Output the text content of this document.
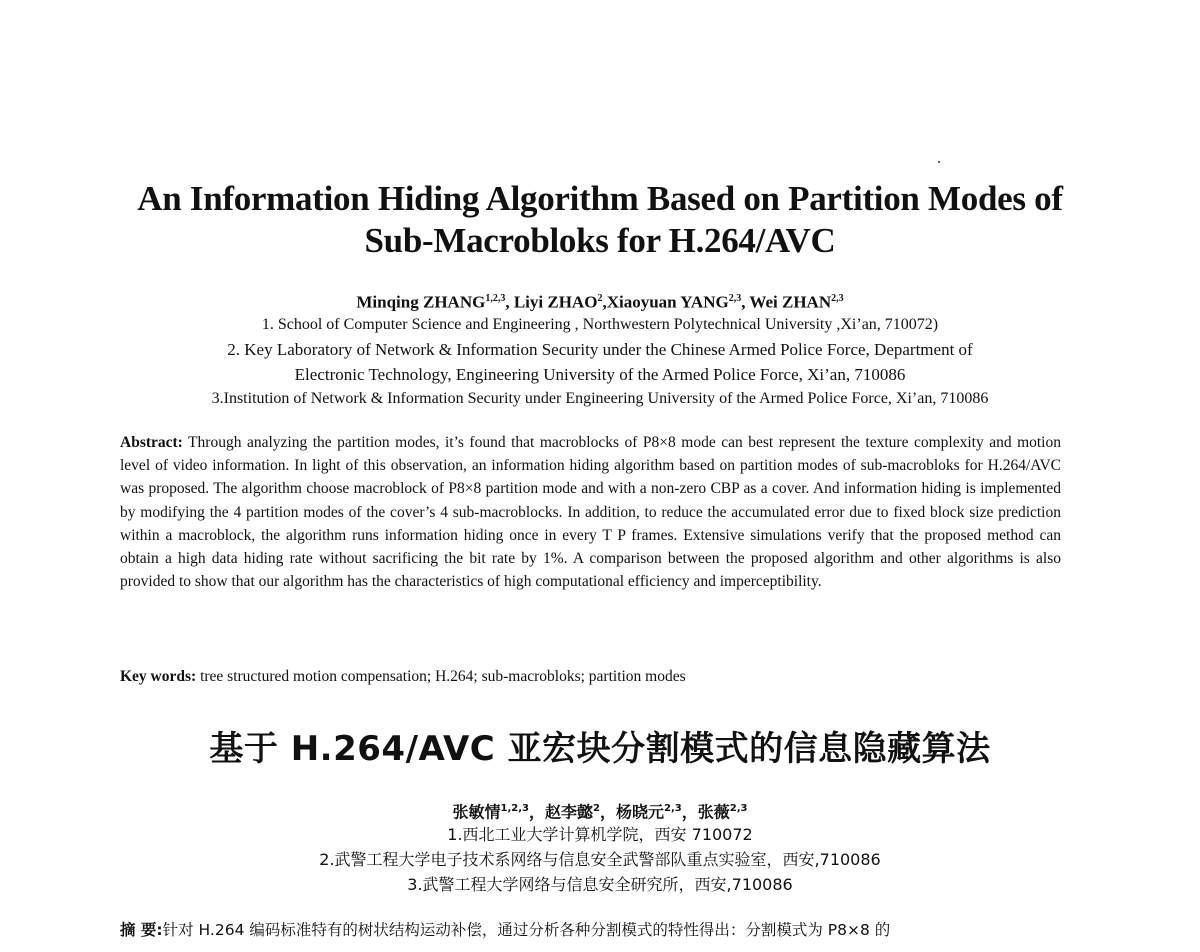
An Information Hiding Algorithm Based on Partition Modes of
Sub-Macrobloks for H.264/AVC
Minqing ZHANG$^{1,2,3}$, Liyi ZHAO$^2$,Xiaoyuan YANG$^{2,3}$, Wei ZHAN$^{2,3}$
1. School of Computer Science and Engineering , Northwestern Polytechnical University ,Xi’an, 710072)
2. Key Laboratory of Network & Information Security under the Chinese Armed Police Force, Department of
Electronic Technology, Engineering University of the Armed Police Force, Xi’an, 710086
3.Institution of Network & Information Security under Engineering University of the Armed Police Force, Xi’an, 710086
Abstract: Through analyzing the partition modes, it’s found that macroblocks of P8×8 mode can best represent the texture complexity and motion level of video information. In light of this observation, an information hiding algorithm based on partition modes of sub-macrobloks for H.264/AVC was proposed. The algorithm choose macroblock of P8×8 partition mode and with a non-zero CBP as a cover. And information hiding is implemented by modifying the 4 partition modes of the cover’s 4 sub-macroblocks. In addition, to reduce the accumulated error due to fixed block size prediction within a macroblock, the algorithm runs information hiding once in every T P frames. Extensive simulations verify that the proposed method can obtain a high data hiding rate without sacrificing the bit rate by 1%. A comparison between the proposed algorithm and other algorithms is also provided to show that our algorithm has the characteristics of high computational efficiency and imperceptibility.
Key words: tree structured motion compensation; H.264; sub-macrobloks; partition modes
基于 H.264/AVC 亚宏块分割模式的信息隐藏算法
张敏情$^{1,2,3}$，赵李懿$^2$，杨晓元$^{2,3}$，张薇$^{2,3}$
1.西北工业大学计算机学院，西安 710072
2.武警工程大学电子技术系网络与信息安全武警部队重点实验室，西安,710086
3.武警工程大学网络与信息安全研究所，西安,710086
摘 要:针对 H.264 编码标准特有的树状结构运动补偿，通过分析各种分割模式的特性得出：分割模式为 P8×8 的
